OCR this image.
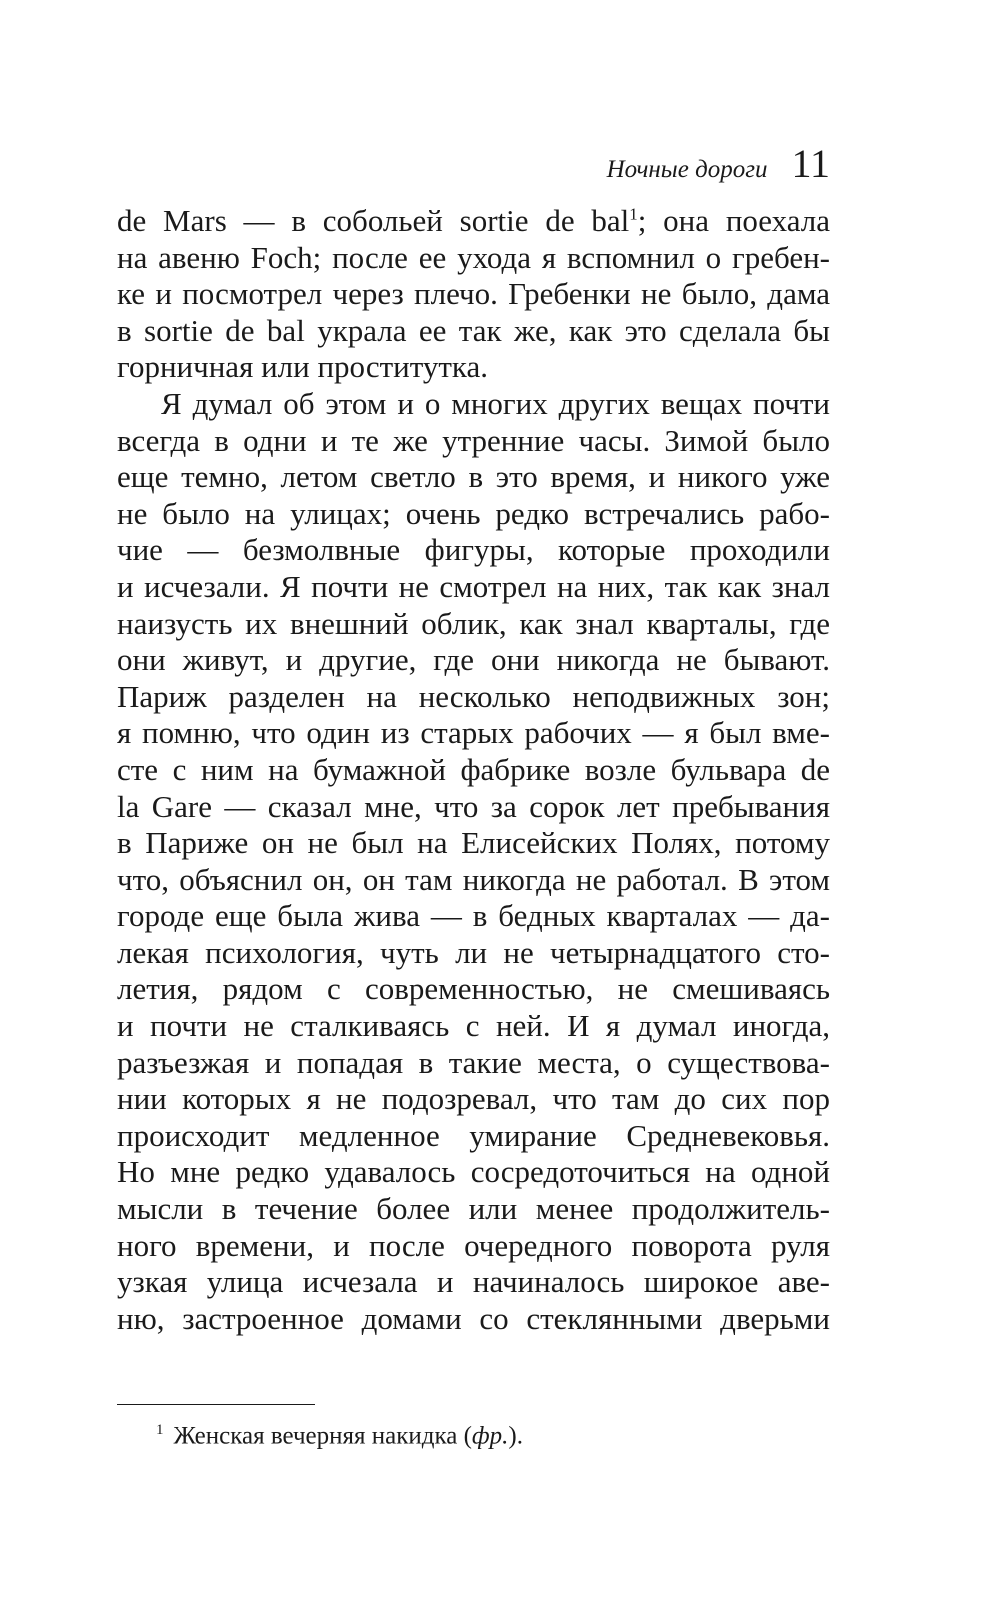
Ночные дороги 11
de Mars — в собольей sortie de bal$^1$; она поехала
на авеню Foch; после ее ухода я вспомнил о гребен-
ке и посмотрел через плечо. Гребенки не было, дама
в sortie de bal украла ее так же, как это сделала бы
горничная или проститутка.
Я думал об этом и о многих других вещах почти
всегда в одни и те же утренние часы. Зимой было
еще темно, летом светло в это время, и никого уже
не было на улицах; очень редко встречались рабо-
чие — безмолвные фигуры, которые проходили
и исчезали. Я почти не смотрел на них, так как знал
наизусть их внешний облик, как знал кварталы, где
они живут, и другие, где они никогда не бывают.
Париж разделен на несколько неподвижных зон;
я помню, что один из старых рабочих — я был вме-
сте с ним на бумажной фабрике возле бульвара de
la Gare — сказал мне, что за сорок лет пребывания
в Париже он не был на Елисейских Полях, потому
что, объяснил он, он там никогда не работал. В этом
городе еще была жива — в бедных кварталах — да-
лекая психология, чуть ли не четырнадцатого сто-
летия, рядом с современностью, не смешиваясь
и почти не сталкиваясь с ней. И я думал иногда,
разъезжая и попадая в такие места, о существова-
нии которых я не подозревал, что там до сих пор
происходит медленное умирание Средневековья.
Но мне редко удавалось сосредоточиться на одной
мысли в течение более или менее продолжитель-
ного времени, и после очередного поворота руля
узкая улица исчезала и начиналось широкое аве-
ню, застроенное домами со стеклянными дверьми
$^1$ Женская вечерняя накидка (фр.).
